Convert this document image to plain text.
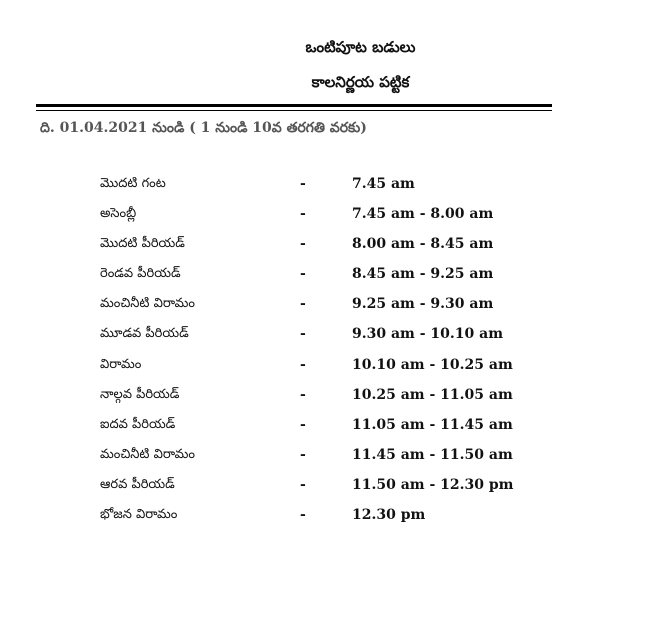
ఒంటిపూట బడులు
కాలనిర్ణయ పట్టిక
ది. 01.04.2021 నుండి ( 1 నుండి 10వ తరగతి వరకు)
మొదటి గంట	-	7.45 am
అసెంబ్లీ	-	7.45 am - 8.00 am
మొదటి పీరియడ్	-	8.00 am - 8.45 am
రెండవ పీరియడ్	-	8.45 am - 9.25 am
మంచినీటి విరామం	-	9.25 am - 9.30 am
మూడవ పీరియడ్	-	9.30 am - 10.10 am
విరామం	-	10.10 am - 10.25 am
నాల్గవ పీరియడ్	-	10.25 am - 11.05 am
ఐదవ పీరియడ్	-	11.05 am - 11.45 am
మంచినీటి విరామం	-	11.45 am - 11.50 am
ఆరవ పీరియడ్	-	11.50 am - 12.30 pm
భోజన విరామం	-	12.30 pm
